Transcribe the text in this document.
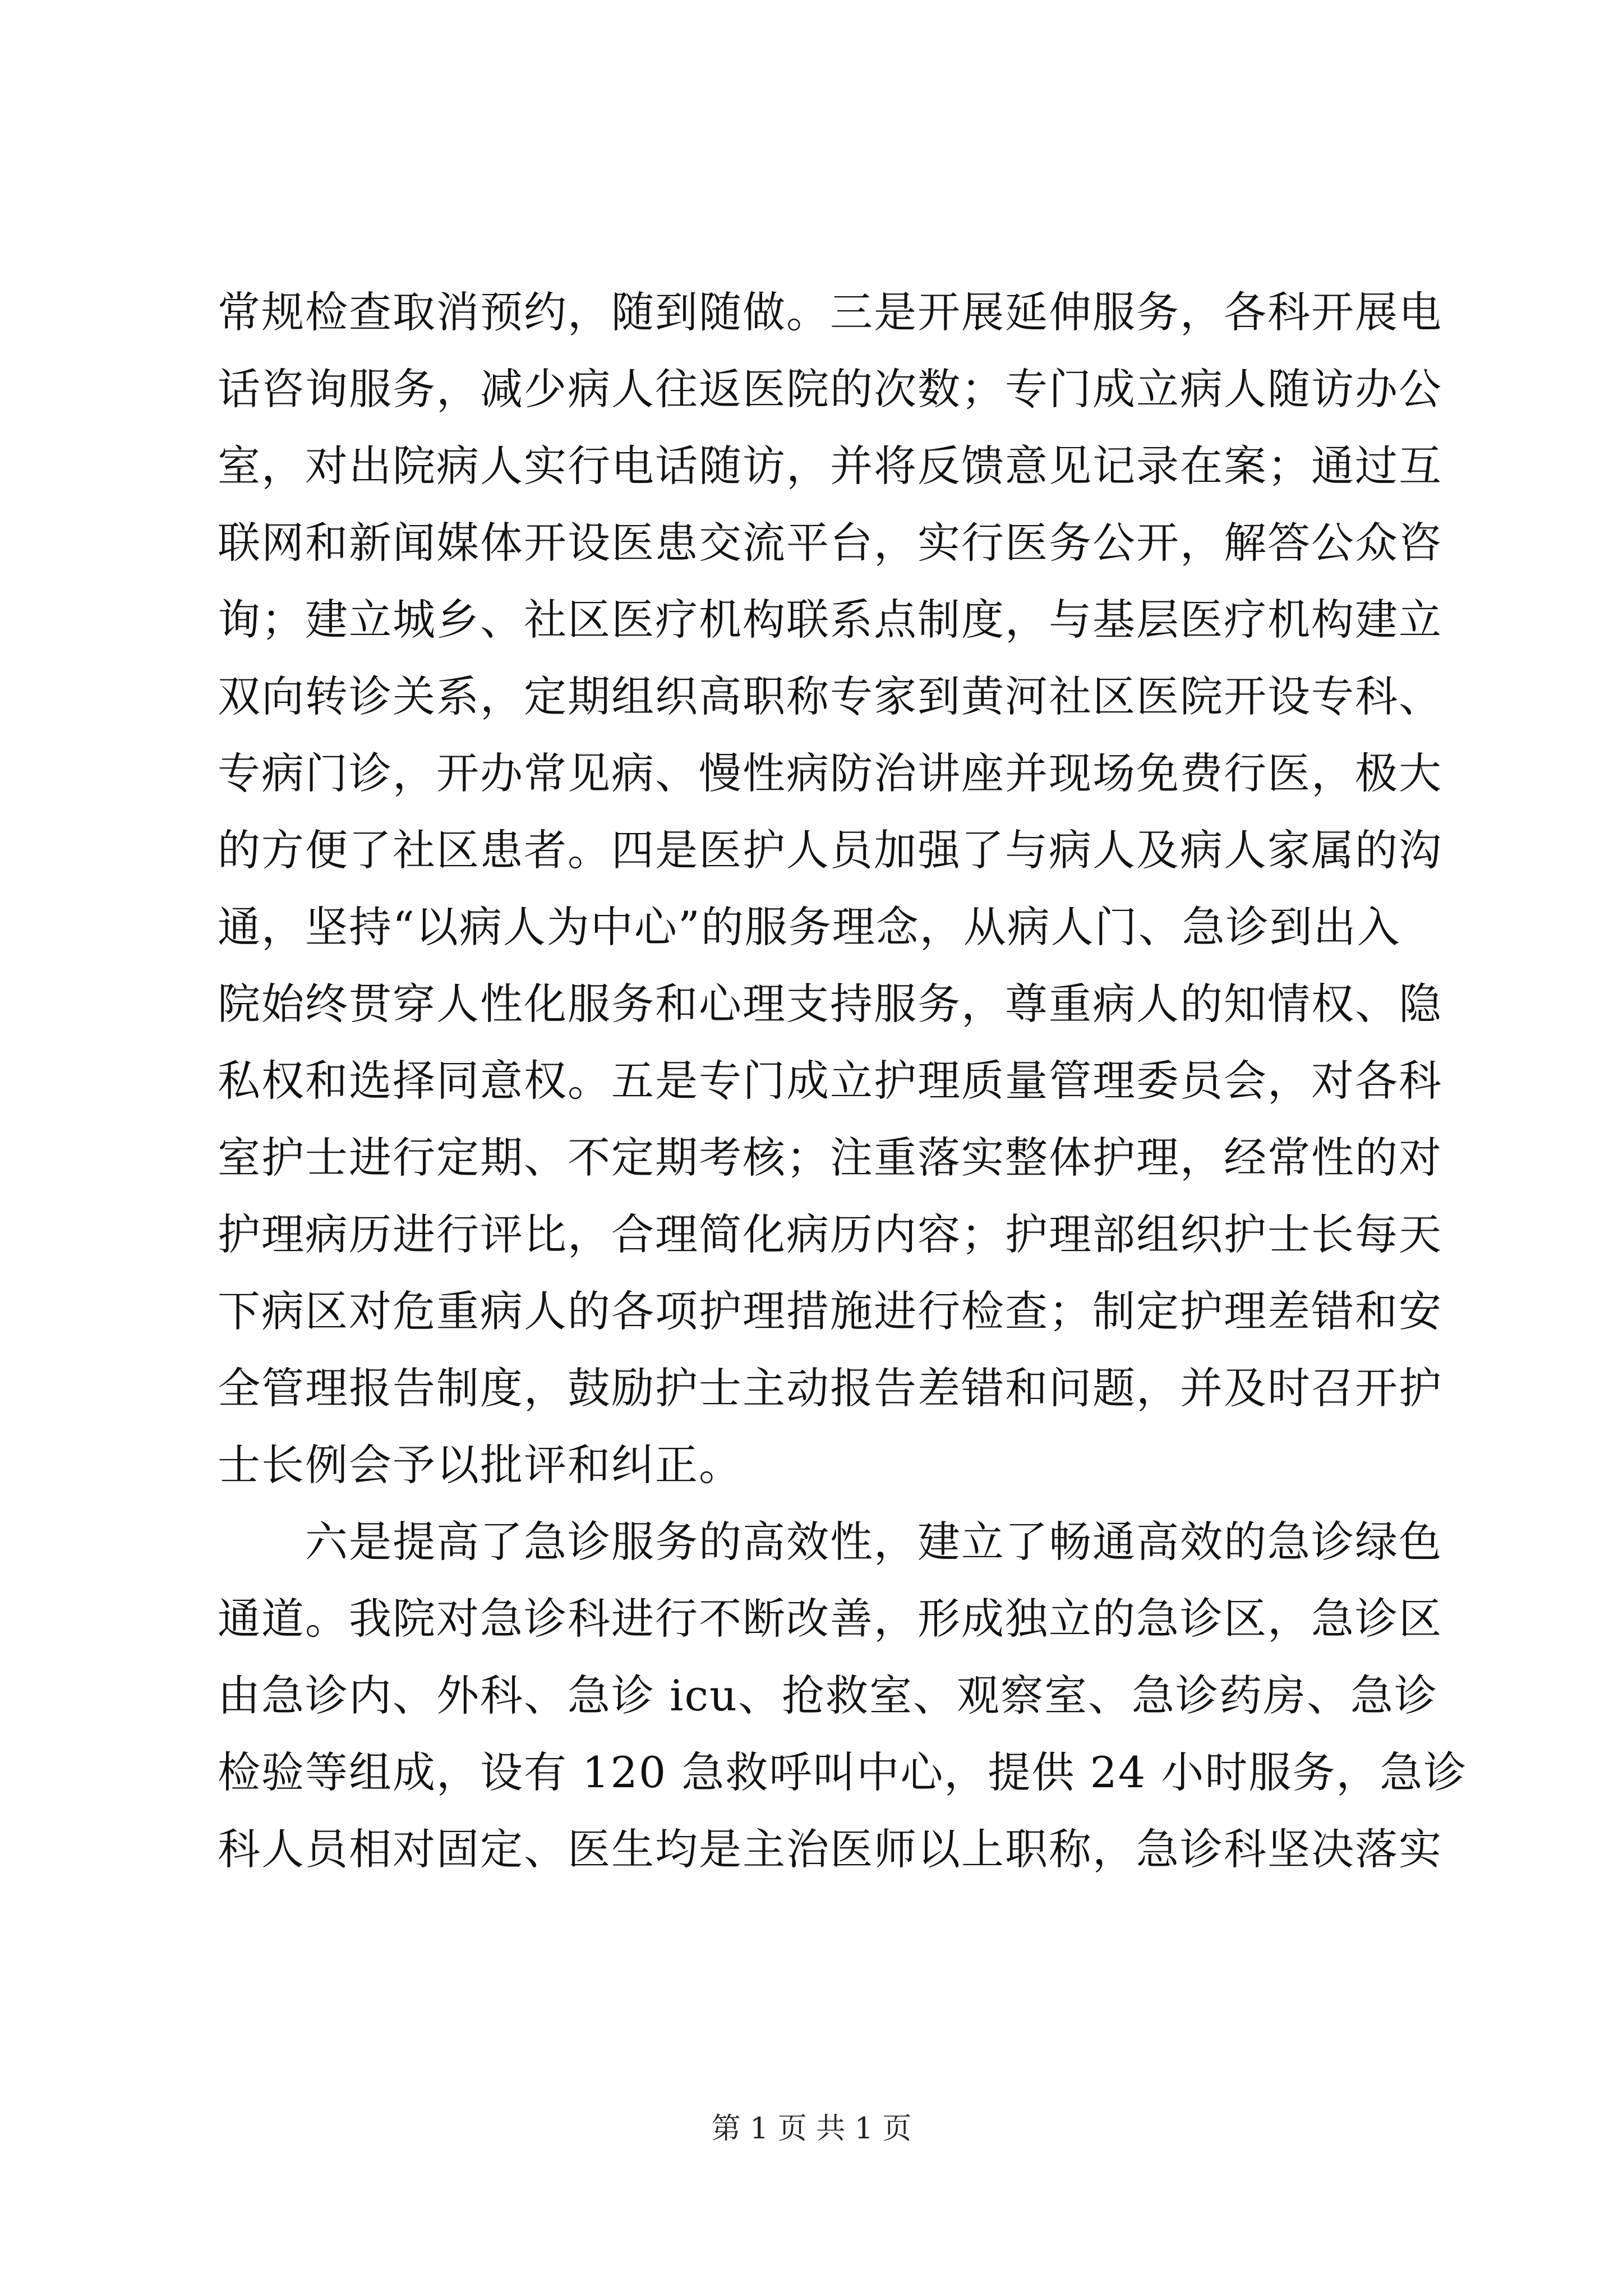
常规检查取消预约，随到随做。三是开展延伸服务，各科开展电
话咨询服务，减少病人往返医院的次数；专门成立病人随访办公
室，对出院病人实行电话随访，并将反馈意见记录在案；通过互
联网和新闻媒体开设医患交流平台，实行医务公开，解答公众咨
询；建立城乡、社区医疗机构联系点制度，与基层医疗机构建立
双向转诊关系，定期组织高职称专家到黄河社区医院开设专科、
专病门诊，开办常见病、慢性病防治讲座并现场免费行医，极大
的方便了社区患者。四是医护人员加强了与病人及病人家属的沟
通，坚持“以病人为中心”的服务理念，从病人门、急诊到出入
院始终贯穿人性化服务和心理支持服务，尊重病人的知情权、隐
私权和选择同意权。五是专门成立护理质量管理委员会，对各科
室护士进行定期、不定期考核；注重落实整体护理，经常性的对
护理病历进行评比，合理简化病历内容；护理部组织护士长每天
下病区对危重病人的各项护理措施进行检查；制定护理差错和安
全管理报告制度，鼓励护士主动报告差错和问题，并及时召开护
士长例会予以批评和纠正。
　　六是提高了急诊服务的高效性，建立了畅通高效的急诊绿色
通道。我院对急诊科进行不断改善，形成独立的急诊区，急诊区
由急诊内、外科、急诊 icu、抢救室、观察室、急诊药房、急诊
检验等组成，设有 120 急救呼叫中心，提供 24 小时服务，急诊
科人员相对固定、医生均是主治医师以上职称，急诊科坚决落实
第 1 页 共 1 页
